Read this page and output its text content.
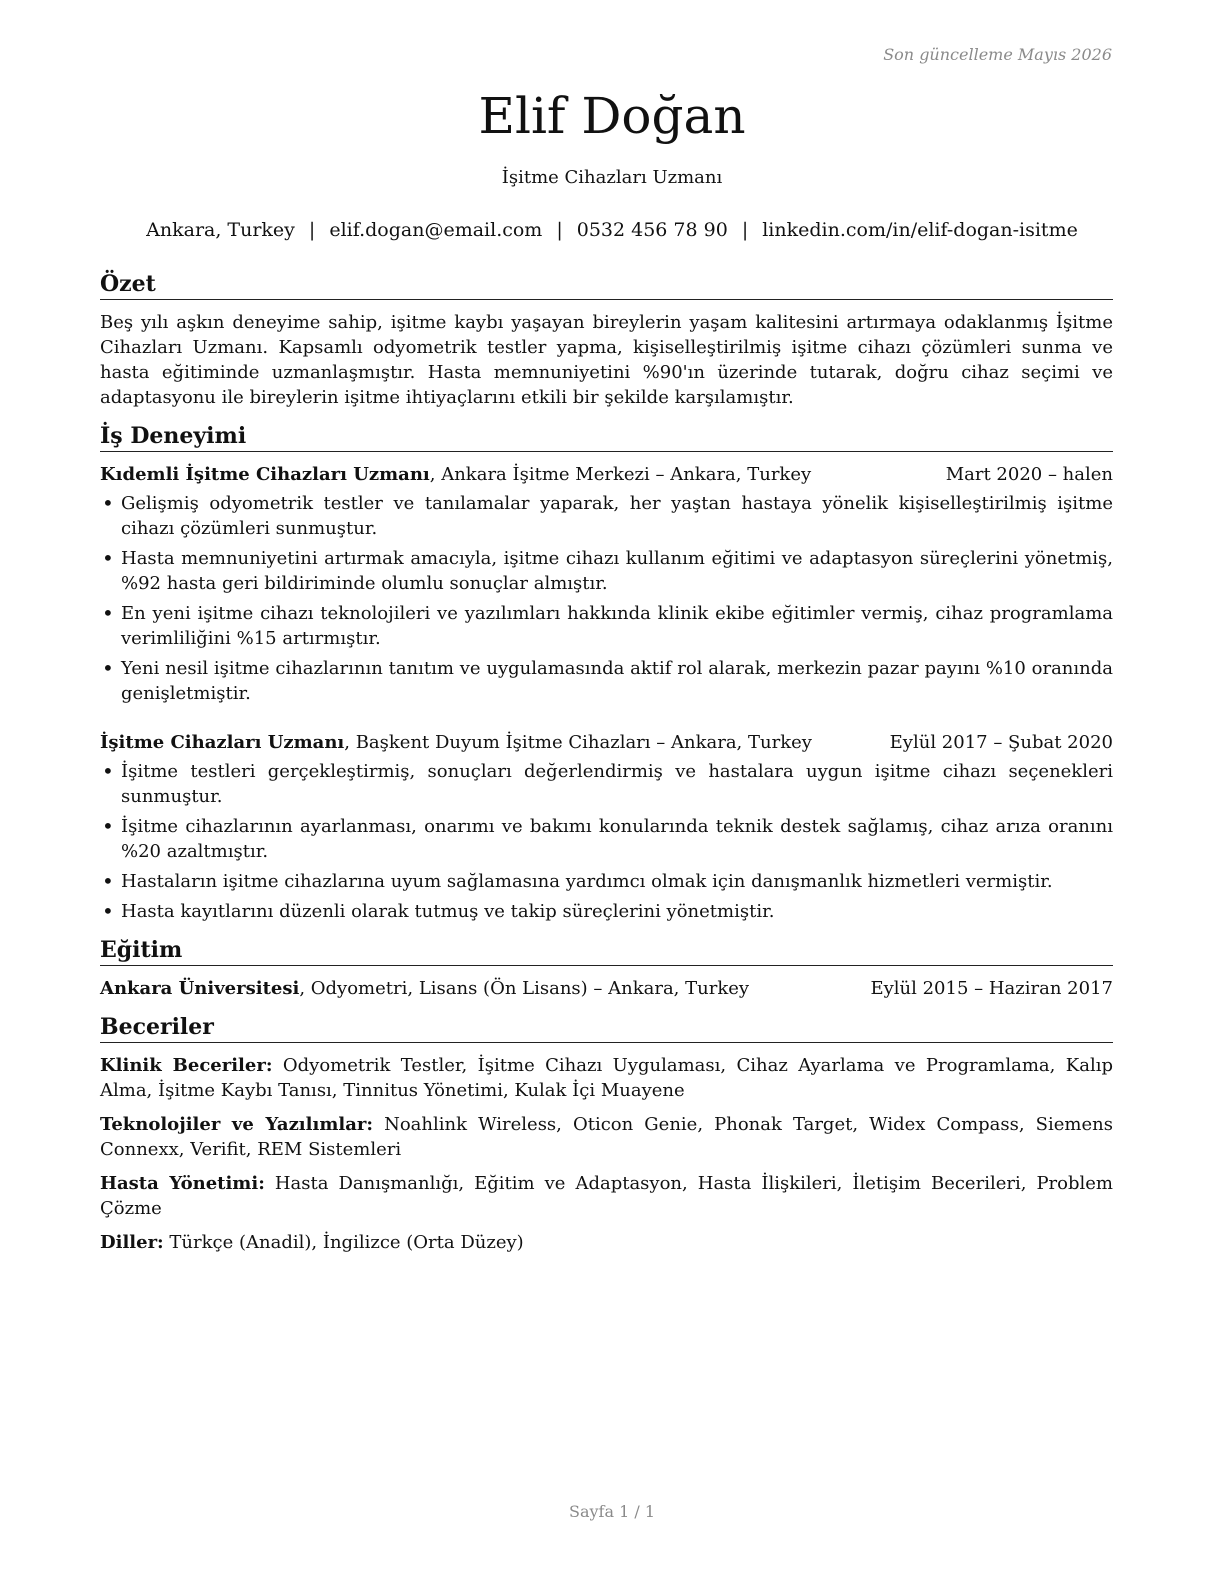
Son güncelleme Mayıs 2026
Elif Doğan
İşitme Cihazları Uzmanı
Ankara, Turkey | elif.dogan@email.com | 0532 456 78 90 | linkedin.com/in/elif-dogan-isitme
Özet

Beş yılı aşkın deneyime sahip, işitme kaybı yaşayan bireylerin yaşam kalitesini artırmaya odaklanmış İşitme Cihazları Uzmanı. Kapsamlı odyometrik testler yapma, kişiselleştirilmiş işitme cihazı çözümleri sunma ve hasta eğitiminde uzmanlaşmıştır. Hasta memnuniyetini %90'ın üzerinde tutarak, doğru cihaz seçimi ve adaptasyonu ile bireylerin işitme ihtiyaçlarını etkili bir şekilde karşılamıştır.

İş Deneyimi
Kıdemli İşitme Cihazları Uzmanı, Ankara İşitme Merkezi – Ankara, Turkey	Mart 2020 – halen
• Gelişmiş odyometrik testler ve tanılamalar yaparak, her yaştan hastaya yönelik kişiselleştirilmiş işitme cihazı çözümleri sunmuştur.
• Hasta memnuniyetini artırmak amacıyla, işitme cihazı kullanım eğitimi ve adaptasyon süreçlerini yönetmiş, %92 hasta geri bildiriminde olumlu sonuçlar almıştır.
• En yeni işitme cihazı teknolojileri ve yazılımları hakkında klinik ekibe eğitimler vermiş, cihaz programlama verimliliğini %15 artırmıştır.
• Yeni nesil işitme cihazlarının tanıtım ve uygulamasında aktif rol alarak, merkezin pazar payını %10 oranında genişletmiştir.
İşitme Cihazları Uzmanı, Başkent Duyum İşitme Cihazları – Ankara, Turkey	Eylül 2017 – Şubat 2020
• İşitme testleri gerçekleştirmiş, sonuçları değerlendirmiş ve hastalara uygun işitme cihazı seçenekleri sunmuştur.
• İşitme cihazlarının ayarlanması, onarımı ve bakımı konularında teknik destek sağlamış, cihaz arıza oranını %20 azaltmıştır.
• Hastaların işitme cihazlarına uyum sağlamasına yardımcı olmak için danışmanlık hizmetleri vermiştir.
• Hasta kayıtlarını düzenli olarak tutmuş ve takip süreçlerini yönetmiştir.
Eğitim
Ankara Üniversitesi, Odyometri, Lisans (Ön Lisans) – Ankara, Turkey	Eylül 2015 – Haziran 2017
Beceriler

Klinik Beceriler: Odyometrik Testler, İşitme Cihazı Uygulaması, Cihaz Ayarlama ve Programlama, Kalıp Alma, İşitme Kaybı Tanısı, Tinnitus Yönetimi, Kulak İçi Muayene

Teknolojiler ve Yazılımlar: Noahlink Wireless, Oticon Genie, Phonak Target, Widex Compass, Siemens Connexx, Verifit, REM Sistemleri

Hasta Yönetimi: Hasta Danışmanlığı, Eğitim ve Adaptasyon, Hasta İlişkileri, İletişim Becerileri, Problem Çözme

Diller: Türkçe (Anadil), İngilizce (Orta Düzey)

Sayfa 1 / 1
